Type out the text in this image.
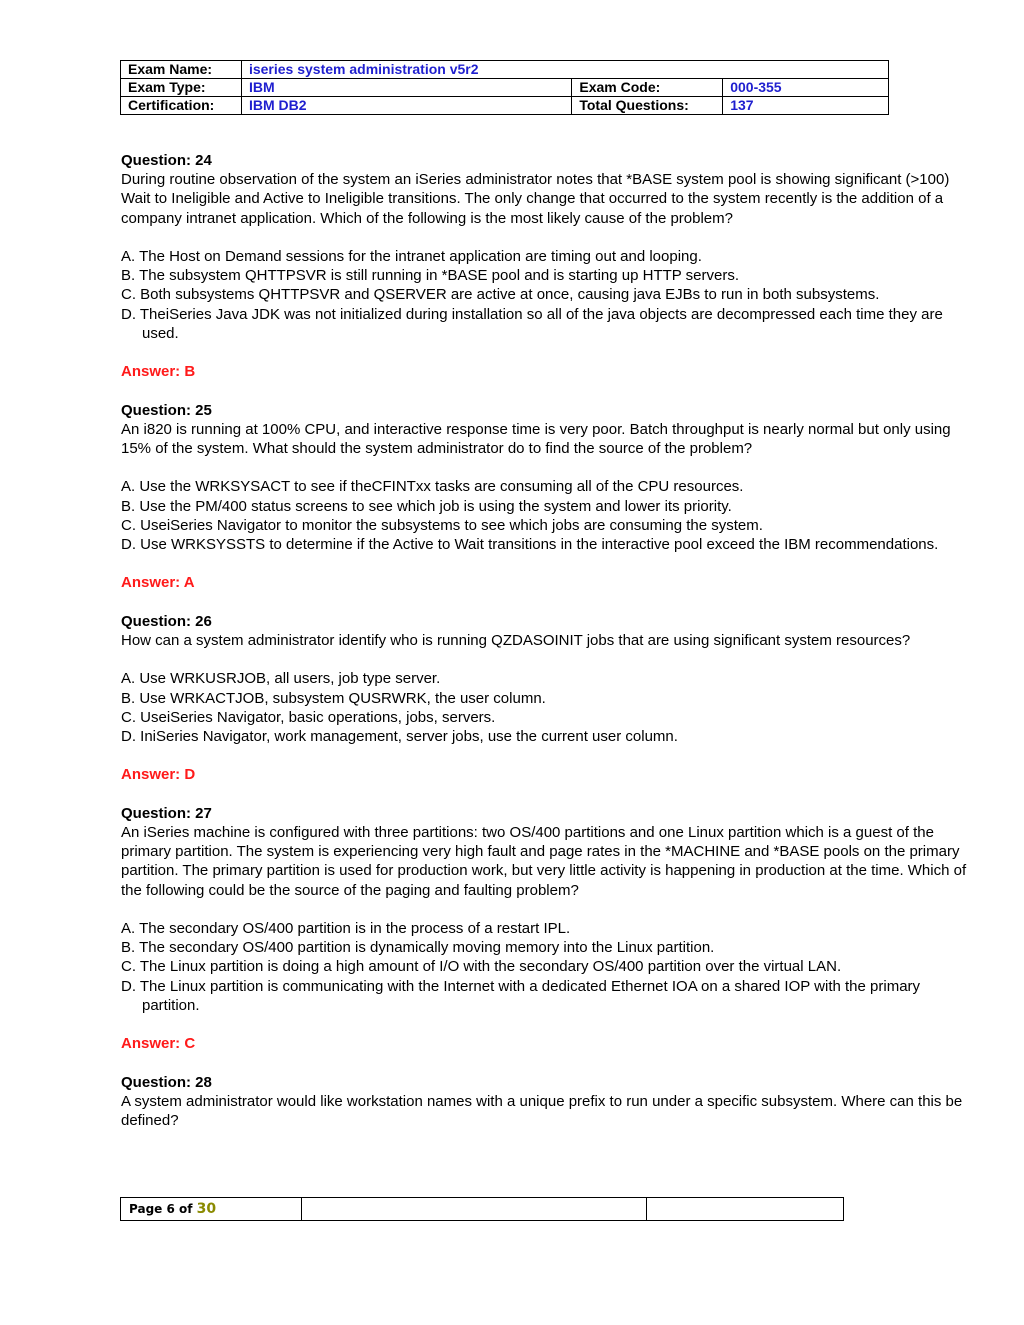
Exam Name:	iseries system administration v5r2		
Exam Type:	IBM	Exam Code:	000-355
Certification:	IBM DB2	Total Questions:	137
Question: 24

During routine observation of the system an iSeries administrator notes that *BASE system pool is showing significant (>100) Wait to Ineligible and Active to Ineligible transitions. The only change that occurred to the system recently is the addition of a company intranet application. Which of the following is the most likely cause of the problem?

A. The Host on Demand sessions for the intranet application are timing out and looping.
B. The subsystem QHTTPSVR is still running in *BASE pool and is starting up HTTP servers.
C. Both subsystems QHTTPSVR and QSERVER are active at once, causing java EJBs to run in both subsystems.
D. TheiSeries Java JDK was not initialized during installation so all of the java objects are decompressed each time they are used.
Answer: B
Question: 25

An i820 is running at 100% CPU, and interactive response time is very poor. Batch throughput is nearly normal but only using 15% of the system. What should the system administrator do to find the source of the problem?

A. Use the WRKSYSACT to see if theCFINTxx tasks are consuming all of the CPU resources.
B. Use the PM/400 status screens to see which job is using the system and lower its priority.
C. UseiSeries Navigator to monitor the subsystems to see which jobs are consuming the system.
D. Use WRKSYSSTS to determine if the Active to Wait transitions in the interactive pool exceed the IBM recommendations.
Answer: A
Question: 26

How can a system administrator identify who is running QZDASOINIT jobs that are using significant system resources?

A. Use WRKUSRJOB, all users, job type server.
B. Use WRKACTJOB, subsystem QUSRWRK, the user column.
C. UseiSeries Navigator, basic operations, jobs, servers.
D. IniSeries Navigator, work management, server jobs, use the current user column.
Answer: D
Question: 27

An iSeries machine is configured with three partitions: two OS/400 partitions and one Linux partition which is a guest of the primary partition. The system is experiencing very high fault and page rates in the *MACHINE and *BASE pools on the primary partition. The primary partition is used for production work, but very little activity is happening in production at the time. Which of the following could be the source of the paging and faulting problem?

A. The secondary OS/400 partition is in the process of a restart IPL.
B. The secondary OS/400 partition is dynamically moving memory into the Linux partition.
C. The Linux partition is doing a high amount of I/O with the secondary OS/400 partition over the virtual LAN.
D. The Linux partition is communicating with the Internet with a dedicated Ethernet IOA on a shared IOP with the primary partition.
Answer: C
Question: 28

A system administrator would like workstation names with a unique prefix to run under a specific subsystem. Where can this be defined?

Page 6 of 30		
